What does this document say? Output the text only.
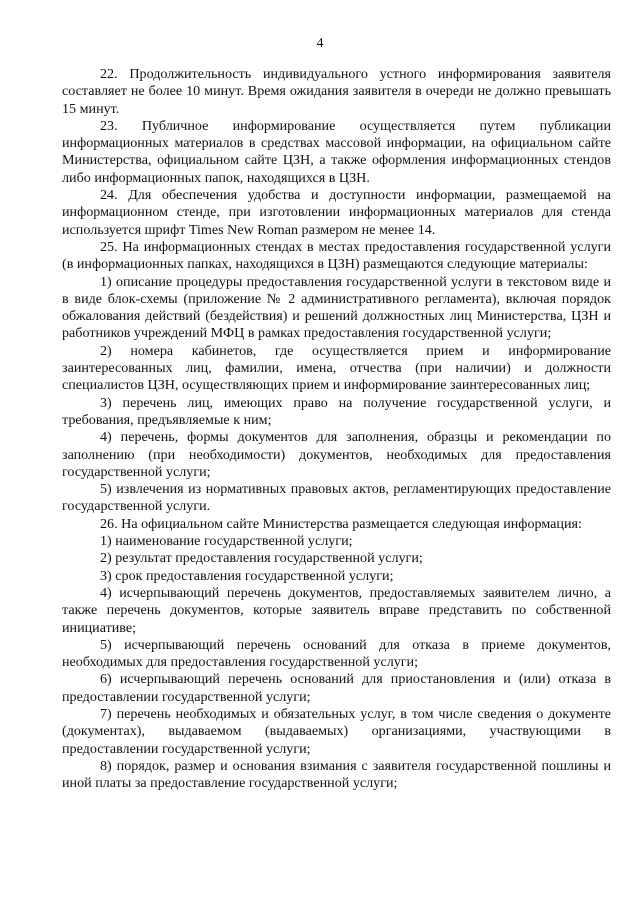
4

22. Продолжительность индивидуального устного информирования заявителя составляет не более 10 минут. Время ожидания заявителя в очереди не должно превышать 15 минут.

23. Публичное информирование осуществляется путем публикации информационных материалов в средствах массовой информации, на официальном сайте Министерства, официальном сайте ЦЗН, а также оформления информационных стендов либо информационных папок, находящихся в ЦЗН.

24. Для обеспечения удобства и доступности информации, размещаемой на информационном стенде, при изготовлении информационных материалов для стенда используется шрифт Times New Roman размером не менее 14.

25. На информационных стендах в местах предоставления государственной услуги (в информационных папках, находящихся в ЦЗН) размещаются следующие материалы:

1) описание процедуры предоставления государственной услуги в текстовом виде и в виде блок-схемы (приложение № 2 административного регламента), включая порядок обжалования действий (бездействия) и решений должностных лиц Министерства, ЦЗН и работников учреждений МФЦ в рамках предоставления государственной услуги;

2) номера кабинетов, где осуществляется прием и информирование заинтересованных лиц, фамилии, имена, отчества (при наличии) и должности специалистов ЦЗН, осуществляющих прием и информирование заинтересованных лиц;

3) перечень лиц, имеющих право на получение государственной услуги, и требования, предъявляемые к ним;

4) перечень, формы документов для заполнения, образцы и рекомендации по заполнению (при необходимости) документов, необходимых для предоставления государственной услуги;

5) извлечения из нормативных правовых актов, регламентирующих предоставление государственной услуги.

26. На официальном сайте Министерства размещается следующая информация:

1) наименование государственной услуги;

2) результат предоставления государственной услуги;

3) срок предоставления государственной услуги;

4) исчерпывающий перечень документов, предоставляемых заявителем лично, а также перечень документов, которые заявитель вправе представить по собственной инициативе;

5) исчерпывающий перечень оснований для отказа в приеме документов, необходимых для предоставления государственной услуги;

6) исчерпывающий перечень оснований для приостановления и (или) отказа в предоставлении государственной услуги;

7) перечень необходимых и обязательных услуг, в том числе сведения о документе (документах), выдаваемом (выдаваемых) организациями, участвующими в предоставлении государственной услуги;

8) порядок, размер и основания взимания с заявителя государственной пошлины и иной платы за предоставление государственной услуги;
